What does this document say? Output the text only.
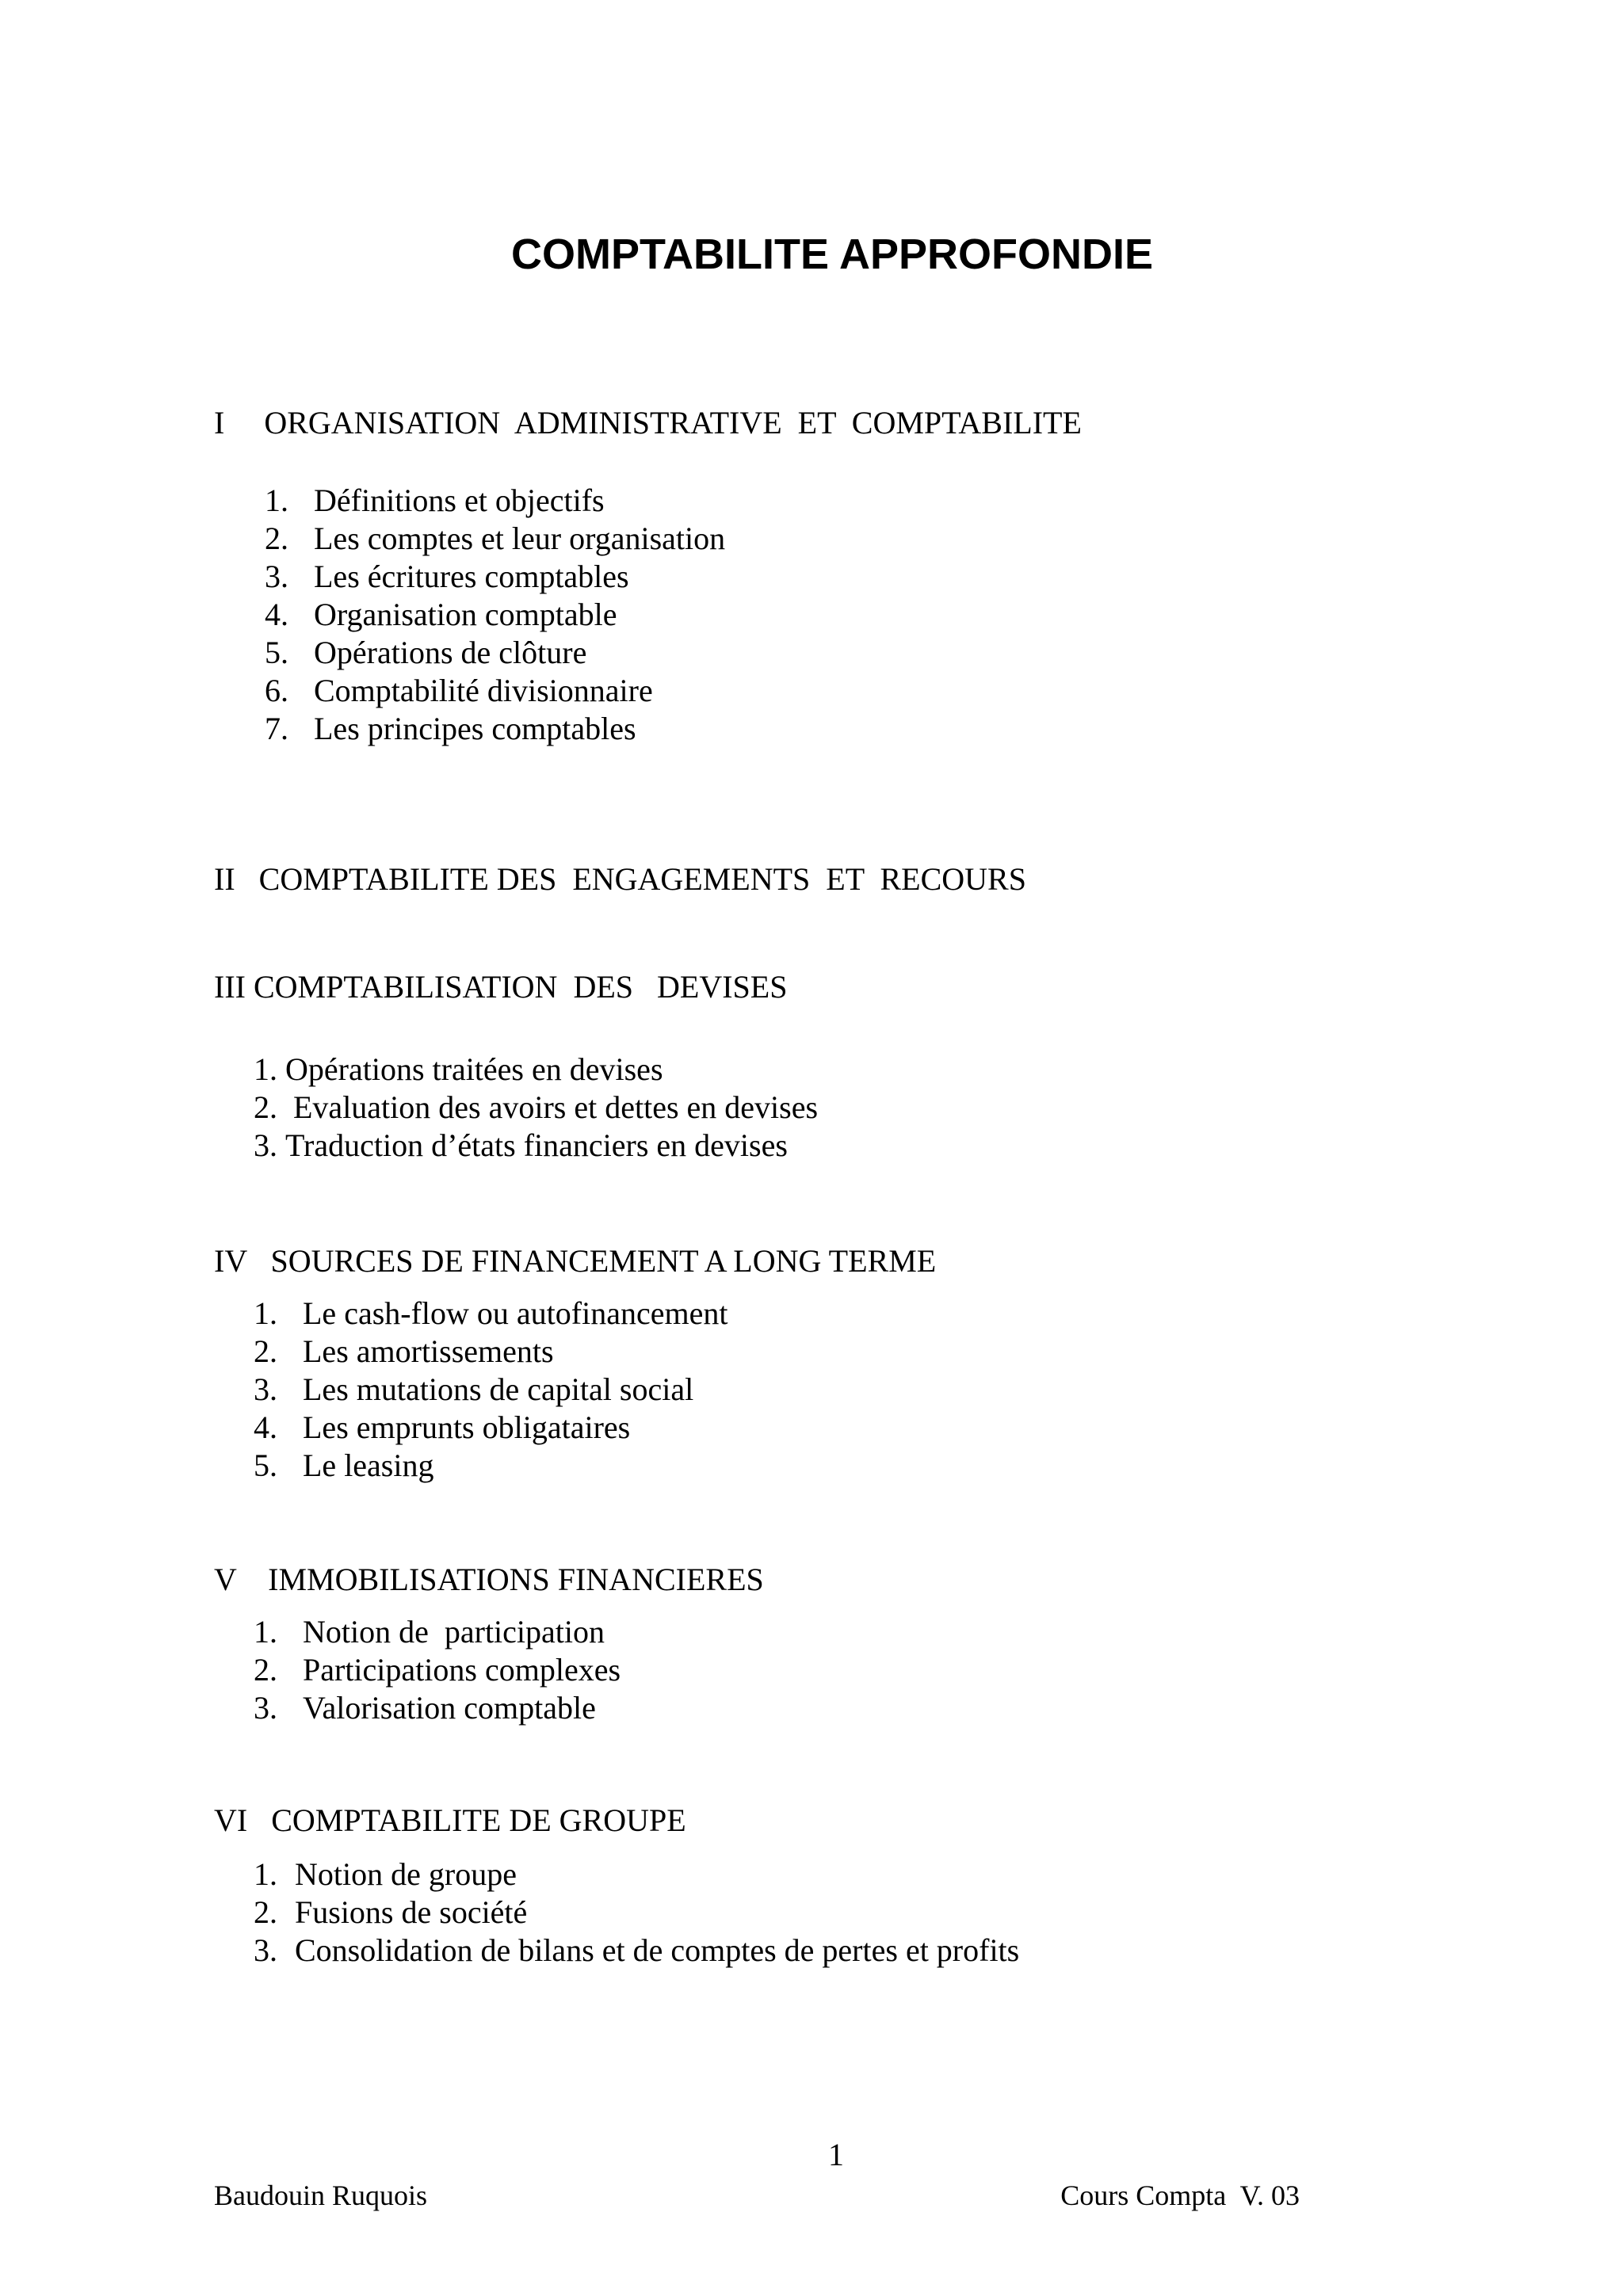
COMPTABILITE APPROFONDIE
I     ORGANISATION  ADMINISTRATIVE  ET  COMPTABILITE
1. Définitions et objectifs
2. Les comptes et leur organisation
3. Les écritures comptables
4. Organisation comptable
5. Opérations de clôture
6. Comptabilité divisionnaire
7. Les principes comptables
II   COMPTABILITE DES  ENGAGEMENTS  ET  RECOURS
III COMPTABILISATION  DES   DEVISES
1. Opérations traitées en devises
2. Evaluation des avoirs et dettes en devises
3. Traduction d’états financiers en devises
IV   SOURCES DE FINANCEMENT A LONG TERME
1. Le cash-flow ou autofinancement
2. Les amortissements
3. Les mutations de capital social
4. Les emprunts obligataires
5. Le leasing
V    IMMOBILISATIONS FINANCIERES
1. Notion de  participation
2. Participations complexes
3. Valorisation comptable
VI   COMPTABILITE DE GROUPE
1. Notion de groupe
2. Fusions de société
3. Consolidation de bilans et de comptes de pertes et profits
1
Baudouin Ruquois	Cours Compta  V. 03
